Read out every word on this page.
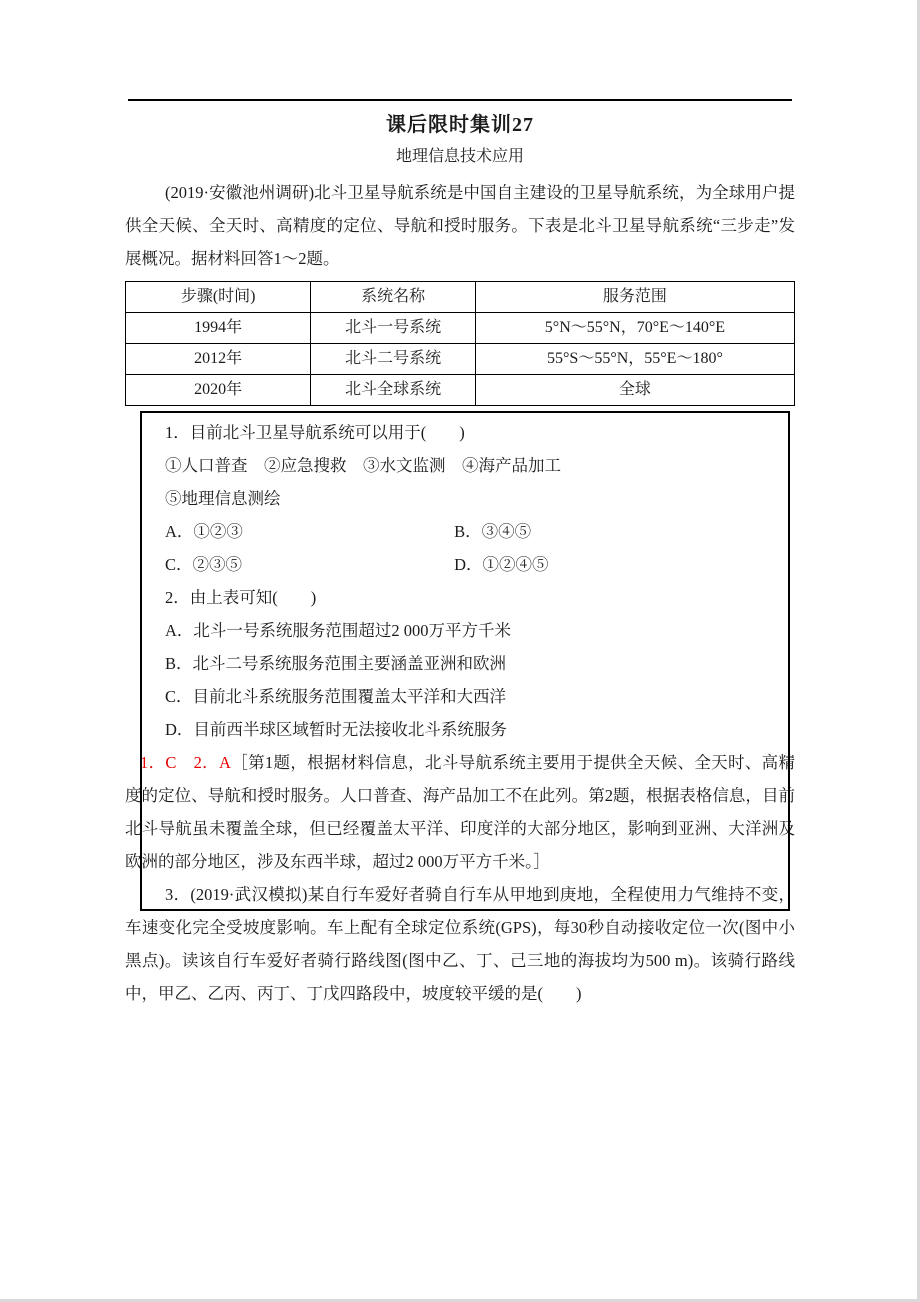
课后限时集训27
地理信息技术应用

(2019·安徽池州调研)北斗卫星导航系统是中国自主建设的卫星导航系统，为全球用户提供全天候、全天时、高精度的定位、导航和授时服务。下表是北斗卫星导航系统“三步走”发展概况。据材料回答1～2题。

步骤(时间)	系统名称	服务范围
1994年	北斗一号系统	5°N～55°N，70°E～140°E
2012年	北斗二号系统	55°S～55°N，55°E～180°
2020年	北斗全球系统	全球
1．目前北斗卫星导航系统可以用于(　　)
①人口普查　②应急搜救　③水文监测　④海产品加工
⑤地理信息测绘
A．①②③	B．③④⑤
C．②③⑤	D．①②④⑤
2．由上表可知(　　)
A．北斗一号系统服务范围超过2 000万平方千米
B．北斗二号系统服务范围主要涵盖亚洲和欧洲
C．目前北斗系统服务范围覆盖太平洋和大西洋
D．目前西半球区域暂时无法接收北斗系统服务

1．C　2．A［第1题，根据材料信息，北斗导航系统主要用于提供全天候、全天时、高精度的定位、导航和授时服务。人口普查、海产品加工不在此列。第2题，根据表格信息，目前北斗导航虽未覆盖全球，但已经覆盖太平洋、印度洋的大部分地区，影响到亚洲、大洋洲及欧洲的部分地区，涉及东西半球，超过2 000万平方千米。］

3．(2019·武汉模拟)某自行车爱好者骑自行车从甲地到庚地，全程使用力气维持不变，车速变化完全受坡度影响。车上配有全球定位系统(GPS)，每30秒自动接收定位一次(图中小黑点)。读该自行车爱好者骑行路线图(图中乙、丁、己三地的海拔均为500 m)。该骑行路线中，甲乙、乙丙、丙丁、丁戊四路段中，坡度较平缓的是(　　)
